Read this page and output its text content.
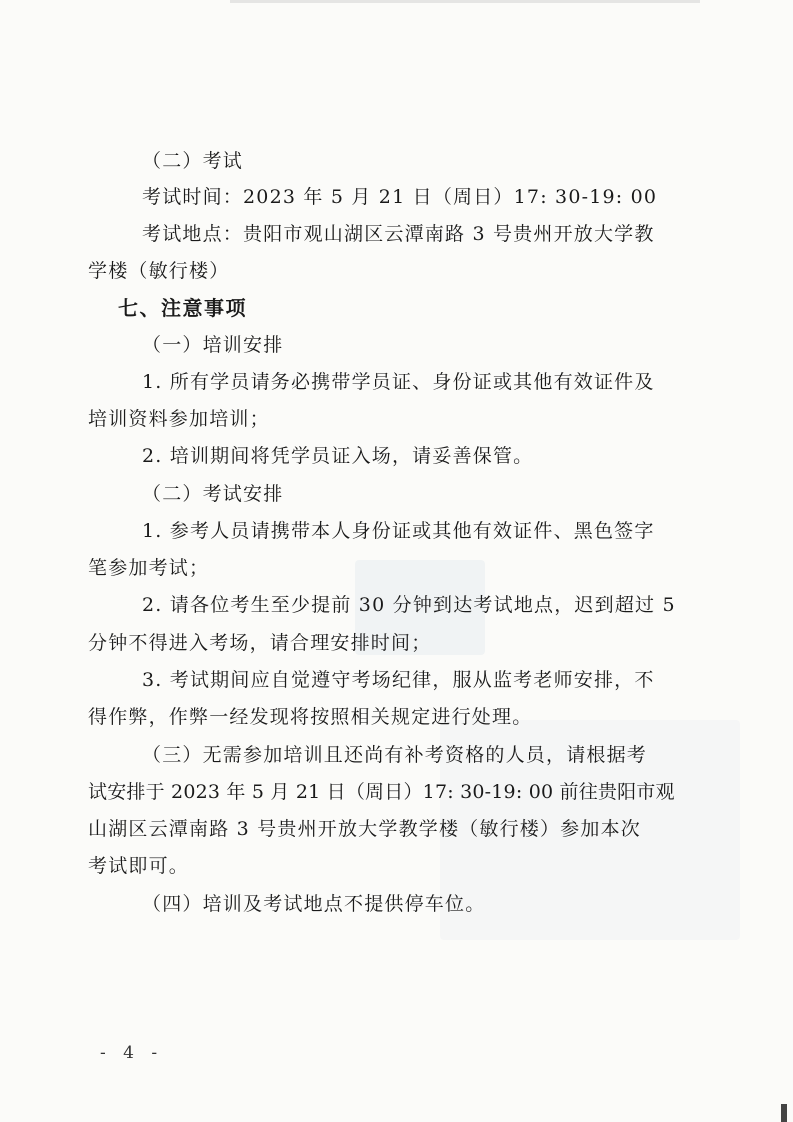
（二）考试
考试时间：2023 年 5 月 21 日（周日）17: 30-19: 00
考试地点：贵阳市观山湖区云潭南路 3 号贵州开放大学教
学楼（敏行楼）
七、注意事项
（一）培训安排
1. 所有学员请务必携带学员证、身份证或其他有效证件及
培训资料参加培训；
2. 培训期间将凭学员证入场，请妥善保管。
（二）考试安排
1. 参考人员请携带本人身份证或其他有效证件、黑色签字
笔参加考试；
2. 请各位考生至少提前 30 分钟到达考试地点，迟到超过 5
分钟不得进入考场，请合理安排时间；
3. 考试期间应自觉遵守考场纪律，服从监考老师安排，不
得作弊，作弊一经发现将按照相关规定进行处理。
（三）无需参加培训且还尚有补考资格的人员，请根据考
试安排于 2023 年 5 月 21 日（周日）17: 30-19: 00 前往贵阳市观
山湖区云潭南路 3 号贵州开放大学教学楼（敏行楼）参加本次
考试即可。
（四）培训及考试地点不提供停车位。
- 4 -
